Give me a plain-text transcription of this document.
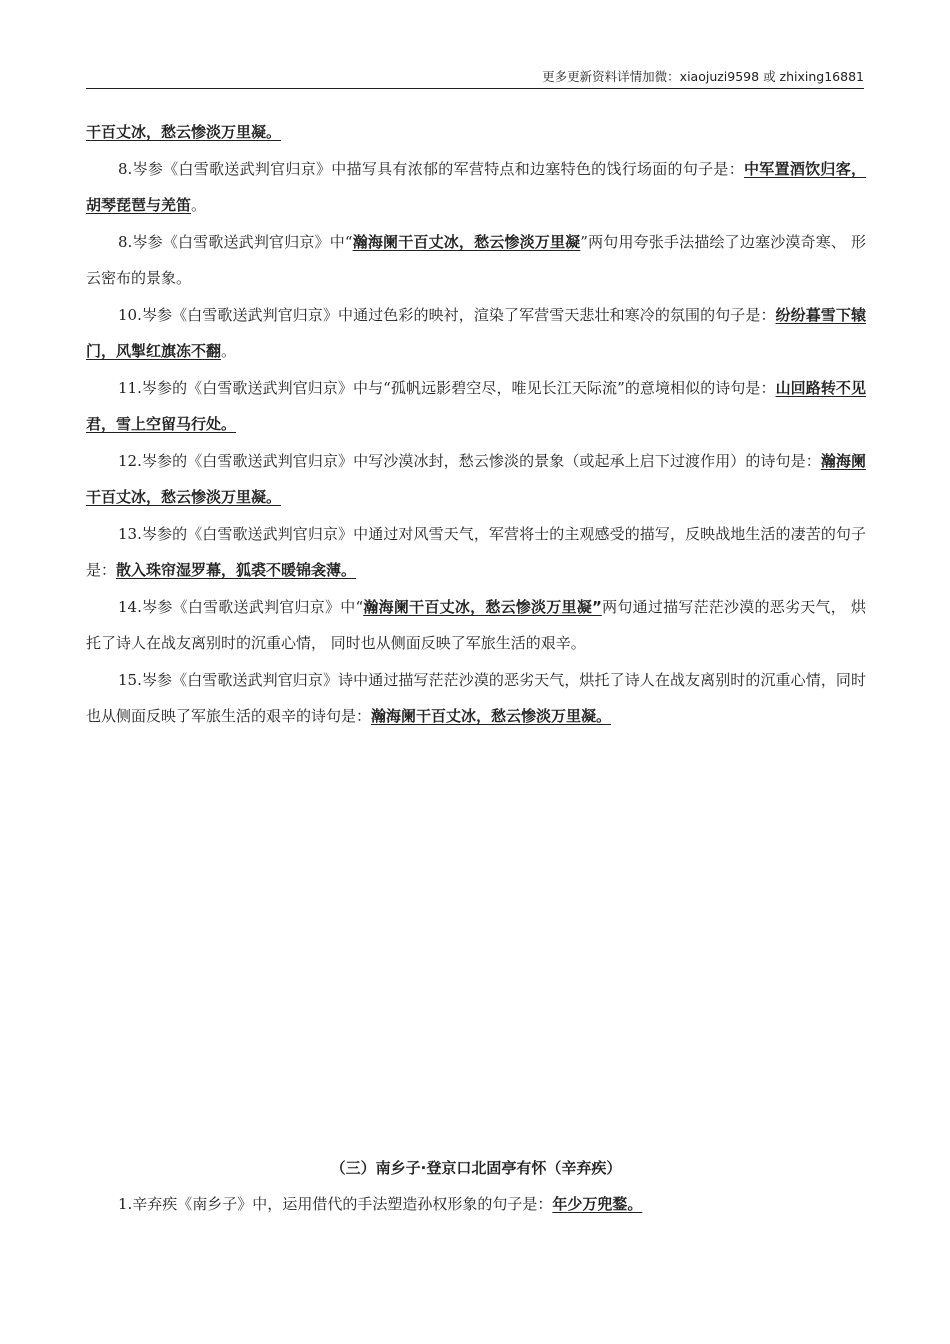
更多更新资料详情加微：xiaojuzi9598 或 zhixing16881

干百丈冰，愁云惨淡万里凝。

8.岑参《白雪歌送武判官归京》中描写具有浓郁的军营特点和边塞特色的饯行场面的句子是：中军置酒饮归客，胡琴琵琶与羌笛。

8.岑参《白雪歌送武判官归京》中“瀚海阑干百丈冰，愁云惨淡万里凝”两句用夸张手法描绘了边塞沙漠奇寒、 形云密布的景象。

10.岑参《白雪歌送武判官归京》中通过色彩的映衬，渲染了军营雪天悲壮和寒冷的氛围的句子是：纷纷暮雪下辕门，风掣红旗冻不翻。

11.岑参的《白雪歌送武判官归京》中与“孤帆远影碧空尽，唯见长江天际流”的意境相似的诗句是：山回路转不见君，雪上空留马行处。

12.岑参的《白雪歌送武判官归京》中写沙漠冰封，愁云惨淡的景象（或起承上启下过渡作用）的诗句是：瀚海阑干百丈冰，愁云惨淡万里凝。

13.岑参的《白雪歌送武判官归京》中通过对风雪天气，军营将士的主观感受的描写，反映战地生活的凄苦的句子是：散入珠帘湿罗幕，狐裘不暖锦衾薄。

14.岑参《白雪歌送武判官归京》中“瀚海阑干百丈冰，愁云惨淡万里凝”两句通过描写茫茫沙漠的恶劣天气， 烘托了诗人在战友离别时的沉重心情， 同时也从侧面反映了军旅生活的艰辛。

15.岑参《白雪歌送武判官归京》诗中通过描写茫茫沙漠的恶劣天气，烘托了诗人在战友离别时的沉重心情，同时也从侧面反映了军旅生活的艰辛的诗句是：瀚海阑干百丈冰，愁云惨淡万里凝。

（三）南乡子·登京口北固亭有怀（辛弃疾）

1.辛弃疾《南乡子》中，运用借代的手法塑造孙权形象的句子是：年少万兜鍪。
